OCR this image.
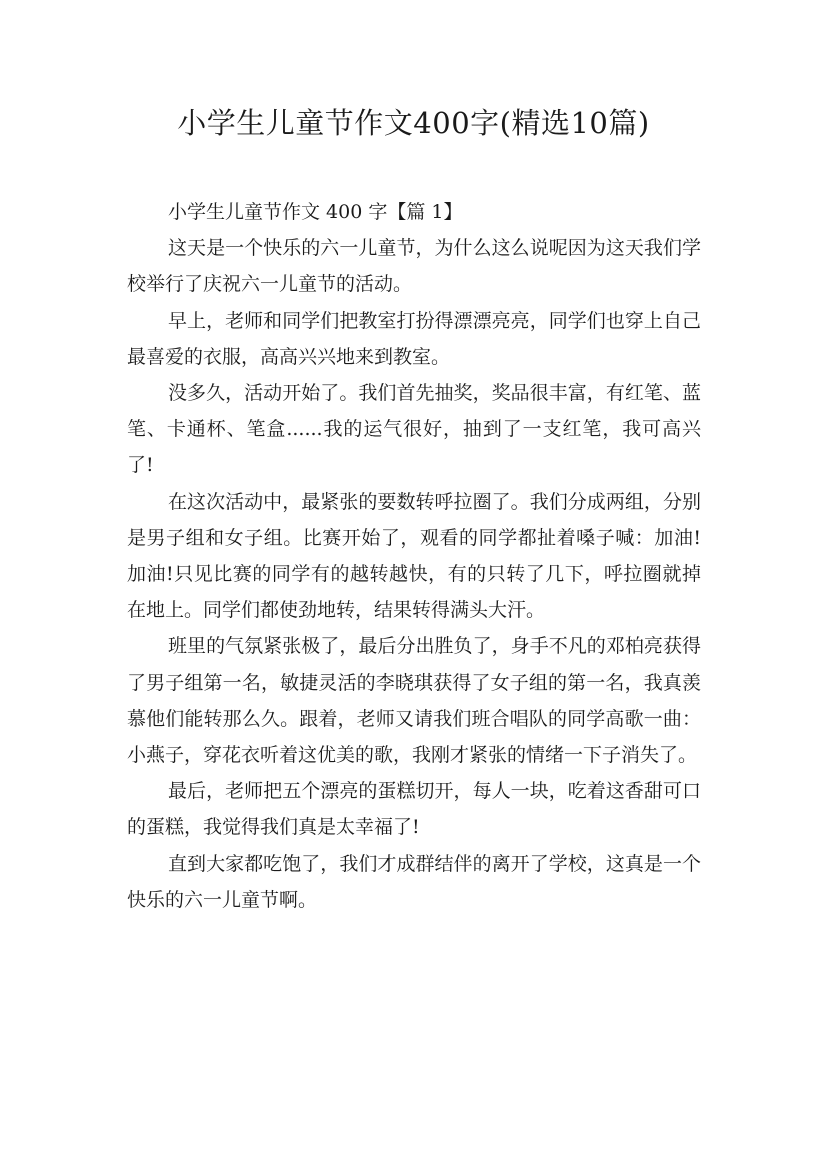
小学生儿童节作文400字(精选10篇)

小学生儿童节作文 400 字【篇 1】

这天是一个快乐的六一儿童节，为什么这么说呢因为这天我们学校举行了庆祝六一儿童节的活动。

早上，老师和同学们把教室打扮得漂漂亮亮，同学们也穿上自己最喜爱的衣服，高高兴兴地来到教室。

没多久，活动开始了。我们首先抽奖，奖品很丰富，有红笔、蓝笔、卡通杯、笔盒......我的运气很好，抽到了一支红笔，我可高兴了!

在这次活动中，最紧张的要数转呼拉圈了。我们分成两组，分别是男子组和女子组。比赛开始了，观看的同学都扯着嗓子喊：加油!加油!只见比赛的同学有的越转越快，有的只转了几下，呼拉圈就掉在地上。同学们都使劲地转，结果转得满头大汗。

班里的气氛紧张极了，最后分出胜负了，身手不凡的邓柏亮获得了男子组第一名，敏捷灵活的李晓琪获得了女子组的第一名，我真羡慕他们能转那么久。跟着，老师又请我们班合唱队的同学高歌一曲：小燕子，穿花衣听着这优美的歌，我刚才紧张的情绪一下子消失了。

最后，老师把五个漂亮的蛋糕切开，每人一块，吃着这香甜可口的蛋糕，我觉得我们真是太幸福了!

直到大家都吃饱了，我们才成群结伴的离开了学校，这真是一个快乐的六一儿童节啊。
